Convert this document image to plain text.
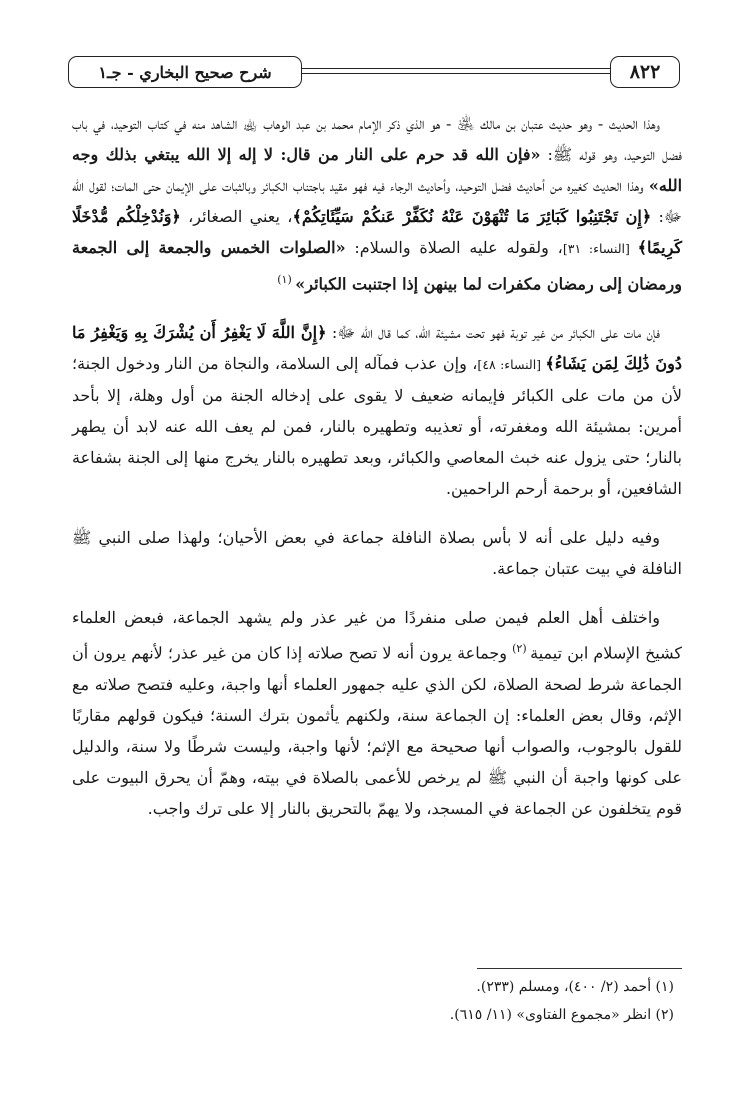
٨٢٢
شرح صحيح البخاري - جـ١

وهذا الحديث - وهو حديث عتبان بن مالك ﵁ - هو الذي ذكر الإمام محمد بن عبد الوهاب ﵀ الشاهد منه في كتاب التوحيد، في باب فضل التوحيد، وهو قوله ﷺ: «فإن الله قد حرم على النار من قال: لا إله إلا الله يبتغي بذلك وجه الله» وهذا الحديث كغيره من أحاديث فضل التوحيد، وأحاديث الرجاء فيه فهو مقيد باجتناب الكبائر وبالثبات على الإيمان حتى المات؛ لقول الله ﷻ: ﴿إِن تَجْتَنِبُوا كَبَائِرَ مَا تُنْهَوْنَ عَنْهُ نُكَفِّرْ عَنكُمْ سَيِّئَاتِكُمْ﴾، يعني الصغائر، ﴿وَنُدْخِلْكُم مُّدْخَلًا كَرِيمًا﴾ [النساء: ٣١]، ولقوله عليه الصلاة والسلام: «الصلوات الخمس والجمعة إلى الجمعة ورمضان إلى رمضان مكفرات لما بينهن إذا اجتنبت الكبائر» $^{(١)}$

فإن مات على الكبائر من غير توبة فهو تحت مشيئة الله، كما قال الله ﷻ: ﴿إِنَّ اللَّهَ لَا يَغْفِرُ أَن يُشْرَكَ بِهِ وَيَغْفِرُ مَا دُونَ ذَٰلِكَ لِمَن يَشَاءُ﴾ [النساء: ٤٨]، وإن عذب فمآله إلى السلامة، والنجاة من النار ودخول الجنة؛ لأن من مات على الكبائر فإيمانه ضعيف لا يقوى على إدخاله الجنة من أول وهلة، إلا بأحد أمرين: بمشيئة الله ومغفرته، أو تعذيبه وتطهيره بالنار، فمن لم يعف الله عنه لابد أن يطهر بالنار؛ حتى يزول عنه خبث المعاصي والكبائر، وبعد تطهيره بالنار يخرج منها إلى الجنة بشفاعة الشافعين، أو برحمة أرحم الراحمين.

وفيه دليل على أنه لا بأس بصلاة النافلة جماعة في بعض الأحيان؛ ولهذا صلى النبي ﷺ النافلة في بيت عتبان جماعة.

واختلف أهل العلم فيمن صلى منفردًا من غير عذر ولم يشهد الجماعة، فبعض العلماء كشيخ الإسلام ابن تيمية $^{(٢)}$ وجماعة يرون أنه لا تصح صلاته إذا كان من غير عذر؛ لأنهم يرون أن الجماعة شرط لصحة الصلاة، لكن الذي عليه جمهور العلماء أنها واجبة، وعليه فتصح صلاته مع الإثم، وقال بعض العلماء: إن الجماعة سنة، ولكنهم يأثمون بترك السنة؛ فيكون قولهم مقاربًا للقول بالوجوب، والصواب أنها صحيحة مع الإثم؛ لأنها واجبة، وليست شرطًا ولا سنة، والدليل على كونها واجبة أن النبي ﷺ لم يرخص للأعمى بالصلاة في بيته، وهمّ أن يحرق البيوت على قوم يتخلفون عن الجماعة في المسجد، ولا يهمّ بالتحريق بالنار إلا على ترك واجب.

(١) أحمد (٢/ ٤٠٠)، ومسلم (٢٣٣).

(٢) انظر «مجموع الفتاوى» (١١/ ٦١٥).
